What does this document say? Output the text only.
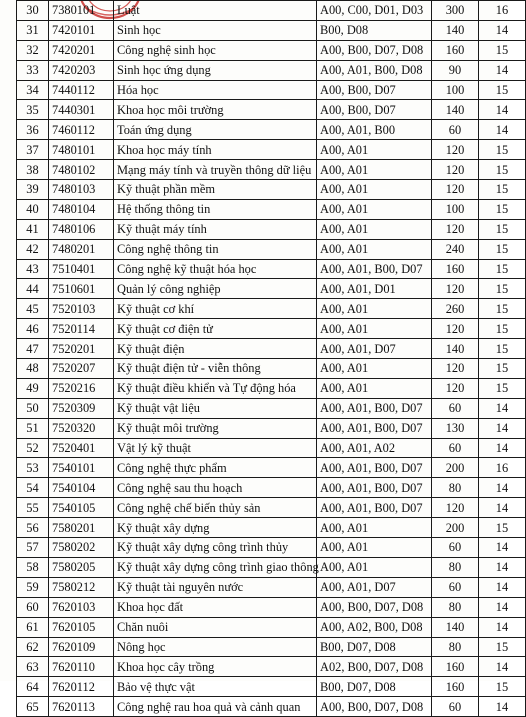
30	7380101	Luật	A00, C00, D01, D03	300	16
31	7420101	Sinh học	B00, D08	140	14
32	7420201	Công nghệ sinh học	A00, B00, D07, D08	160	15
33	7420203	Sinh học ứng dụng	A00, A01, B00, D08	90	14
34	7440112	Hóa học	A00, B00, D07	100	15
35	7440301	Khoa học môi trường	A00, B00, D07	140	14
36	7460112	Toán ứng dụng	A00, A01, B00	60	14
37	7480101	Khoa học máy tính	A00, A01	120	15
38	7480102	Mạng máy tính và truyền thông dữ liệu	A00, A01	120	15
39	7480103	Kỹ thuật phần mềm	A00, A01	120	15
40	7480104	Hệ thống thông tin	A00, A01	100	15
41	7480106	Kỹ thuật máy tính	A00, A01	120	15
42	7480201	Công nghệ thông tin	A00, A01	240	15
43	7510401	Công nghệ kỹ thuật hóa học	A00, A01, B00, D07	160	15
44	7510601	Quản lý công nghiệp	A00, A01, D01	120	15
45	7520103	Kỹ thuật cơ khí	A00, A01	260	15
46	7520114	Kỹ thuật cơ điện tử	A00, A01	120	15
47	7520201	Kỹ thuật điện	A00, A01, D07	140	15
48	7520207	Kỹ thuật điện tử - viễn thông	A00, A01	120	15
49	7520216	Kỹ thuật điều khiển và Tự động hóa	A00, A01	120	15
50	7520309	Kỹ thuật vật liệu	A00, A01, B00, D07	60	14
51	7520320	Kỹ thuật môi trường	A00, A01, B00, D07	130	14
52	7520401	Vật lý kỹ thuật	A00, A01, A02	60	14
53	7540101	Công nghệ thực phẩm	A00, A01, B00, D07	200	16
54	7540104	Công nghệ sau thu hoạch	A00, A01, B00, D07	80	14
55	7540105	Công nghệ chế biến thủy sản	A00, A01, B00, D07	120	14
56	7580201	Kỹ thuật xây dựng	A00, A01	200	15
57	7580202	Kỹ thuật xây dựng công trình thủy	A00, A01	60	14
58	7580205	Kỹ thuật xây dựng công trình giao thông	A00, A01	80	14
59	7580212	Kỹ thuật tài nguyên nước	A00, A01, D07	60	14
60	7620103	Khoa học đất	A00, B00, D07, D08	80	14
61	7620105	Chăn nuôi	A00, A02, B00, D08	140	14
62	7620109	Nông học	B00, D07, D08	80	15
63	7620110	Khoa học cây trồng	A02, B00, D07, D08	160	14
64	7620112	Bảo vệ thực vật	B00, D07, D08	160	15
65	7620113	Công nghệ rau hoa quả và cảnh quan	A00, B00, D07, D08	60	14
